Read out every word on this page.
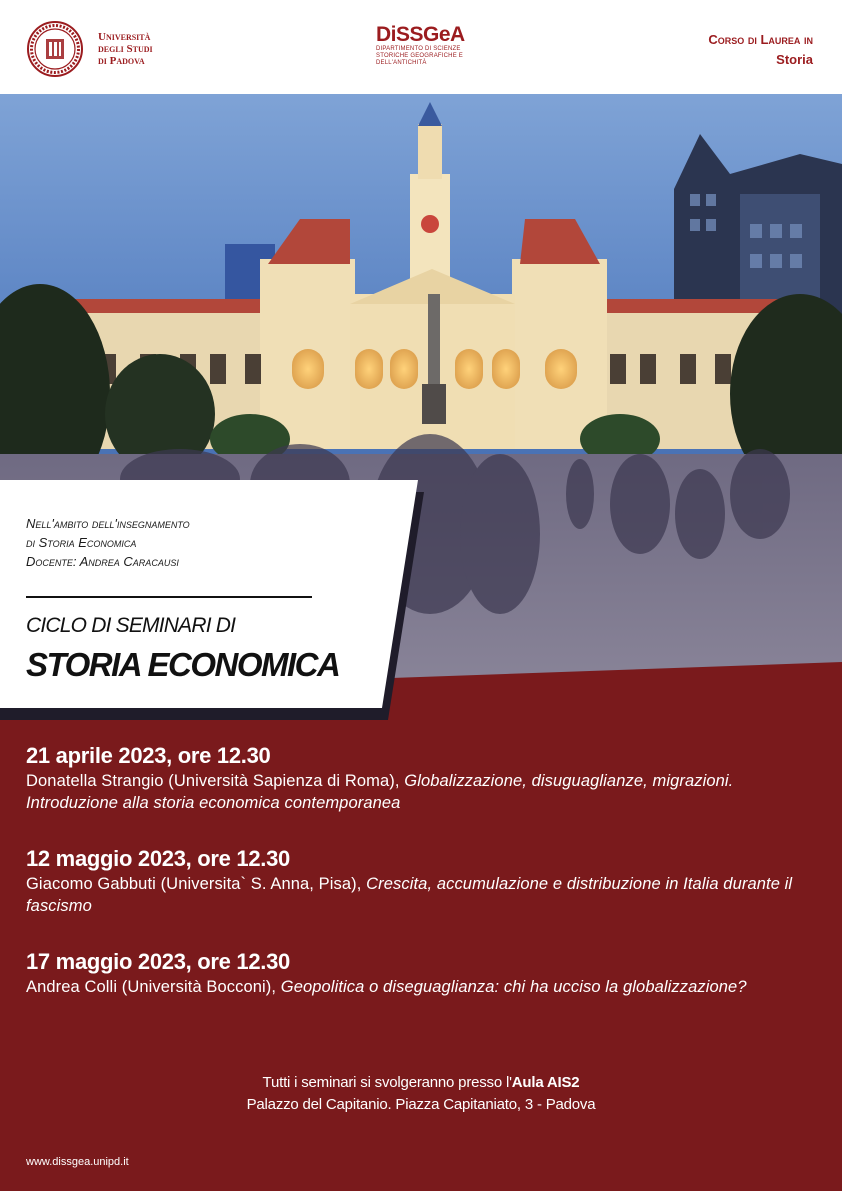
Università
degli Studi
di Padova
DiSSGeA
DIPARTIMENTO DI SCIENZE STORICHE GEOGRAFICHE E DELL'ANTICHITÀ
Corso di Laurea in
Storia
Nell'ambito dell'insegnamento
di Storia Economica
Docente: Andrea Caracausi
CICLO DI SEMINARI DI
STORIA ECONOMICA
21 aprile 2023, ore 12.30
Donatella Strangio (Università Sapienza di Roma), Globalizzazione, disuguaglianze, migrazioni. Introduzione alla storia economica contemporanea
12 maggio 2023, ore 12.30
Giacomo Gabbuti (Universita` S. Anna, Pisa), Crescita, accumulazione e distribuzione in Italia durante il fascismo
17 maggio 2023, ore 12.30
Andrea Colli (Università Bocconi), Geopolitica o diseguaglianza: chi ha ucciso la globalizzazione?
Tutti i seminari si svolgeranno presso l'Aula AIS2
Palazzo del Capitanio. Piazza Capitaniato, 3 - Padova
www.dissgea.unipd.it
